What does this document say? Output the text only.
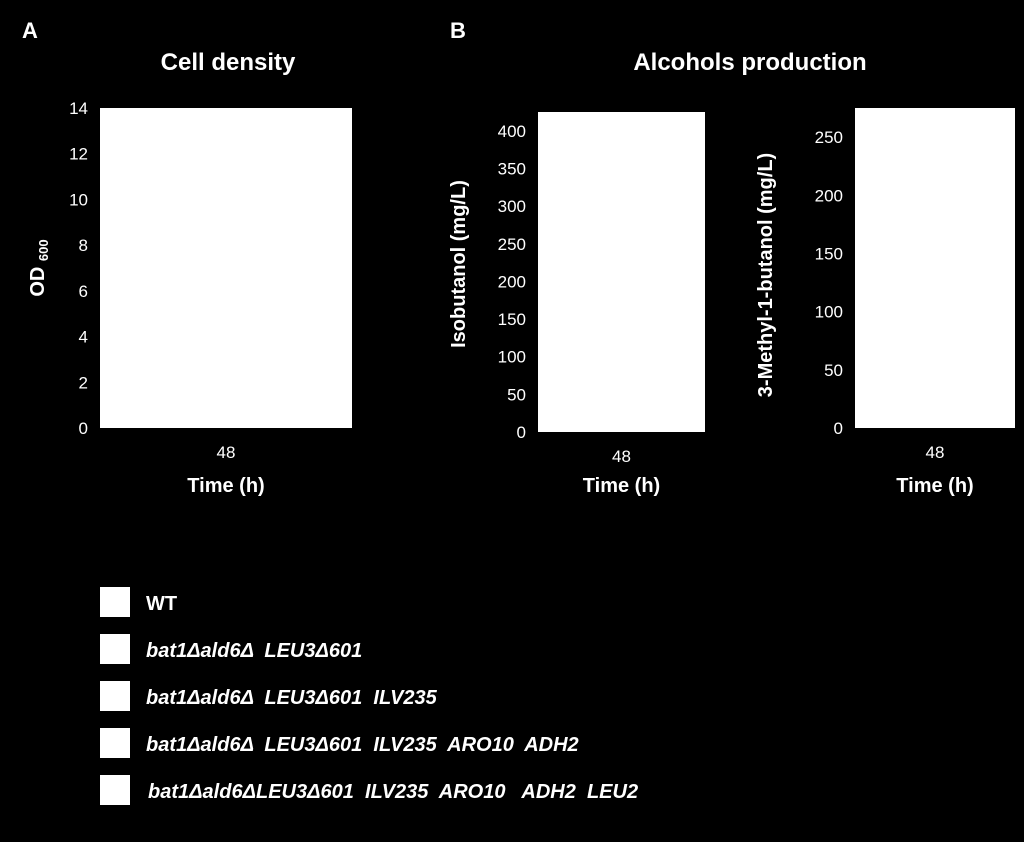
A	B
Cell density	Alcohols production
48
0
2
4
6
8
10
12
14
Time (h)
OD $_{600}$
48
0
50
100
150
200
250
300
350
400
Time (h)
Isobutanol (mg/L)
48
0
50
100
150
200
250
Time (h)
3-Methyl-1-butanol (mg/L)
WT
bat1Δald6Δ  LEU3Δ601
bat1Δald6Δ  LEU3Δ601  ILV235
bat1Δald6Δ  LEU3Δ601  ILV235  ARO10  ADH2
bat1Δald6ΔLEU3Δ601  ILV235  ARO10   ADH2  LEU2
